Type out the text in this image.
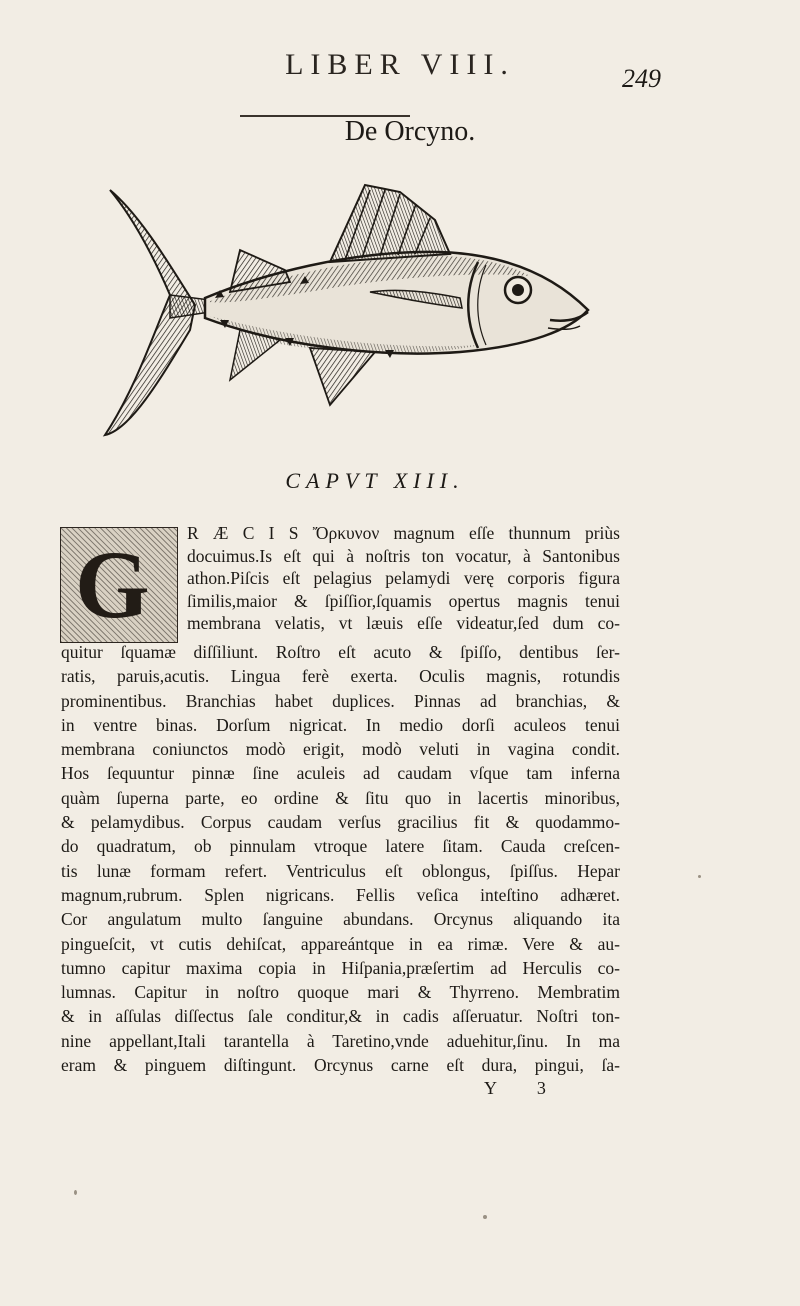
LIBER VIII.	249
De Orcyno.
CAPVT XIII.
G R Æ C I S Ὄρκυνον magnum eſſe thunnum priùs
docuimus.Is eſt qui à noſtris ton vocatur, à Santonibus
athon.Piſcis eſt pelagius pelamydi verę corporis figura
ſimilis,maior & ſpiſſior,ſquamis opertus magnis tenui
membrana velatis, vt læuis eſſe videatur,ſed dum co-
quitur ſquamæ diſſiliunt. Roſtro eſt acuto & ſpiſſo, dentibus ſer-
ratis, paruis,acutis. Lingua ferè exerta. Oculis magnis, rotundis
prominentibus. Branchias habet duplices. Pinnas ad branchias, &
in ventre binas. Dorſum nigricat. In medio dorſi aculeos tenui
membrana coniunctos modò erigit, modò veluti in vagina condit.
Hos ſequuntur pinnæ ſine aculeis ad caudam vſque tam inferna
quàm ſuperna parte, eo ordine & ſitu quo in lacertis minoribus,
& pelamydibus. Corpus caudam verſus gracilius fit & quodammo-
do quadratum, ob pinnulam vtroque latere ſitam. Cauda creſcen-
tis lunæ formam refert. Ventriculus eſt oblongus, ſpiſſus. Hepar
magnum,rubrum. Splen nigricans. Fellis veſica inteſtino adhæret.
Cor angulatum multo ſanguine abundans. Orcynus aliquando ita
pingueſcit, vt cutis dehiſcat, appareántque in ea rimæ. Vere & au-
tumno capitur maxima copia in Hiſpania,præſertim ad Herculis co-
lumnas. Capitur in noſtro quoque mari & Thyrreno. Membratim
& in aſſulas diſſectus ſale conditur,& in cadis aſſeruatur. Noſtri ton-
nine appellant,Itali tarantella à Taretino,vnde aduehitur,ſinu. In ma
eram & pinguem diſtingunt. Orcynus carne eſt dura, pingui, ſa-
Y 3
